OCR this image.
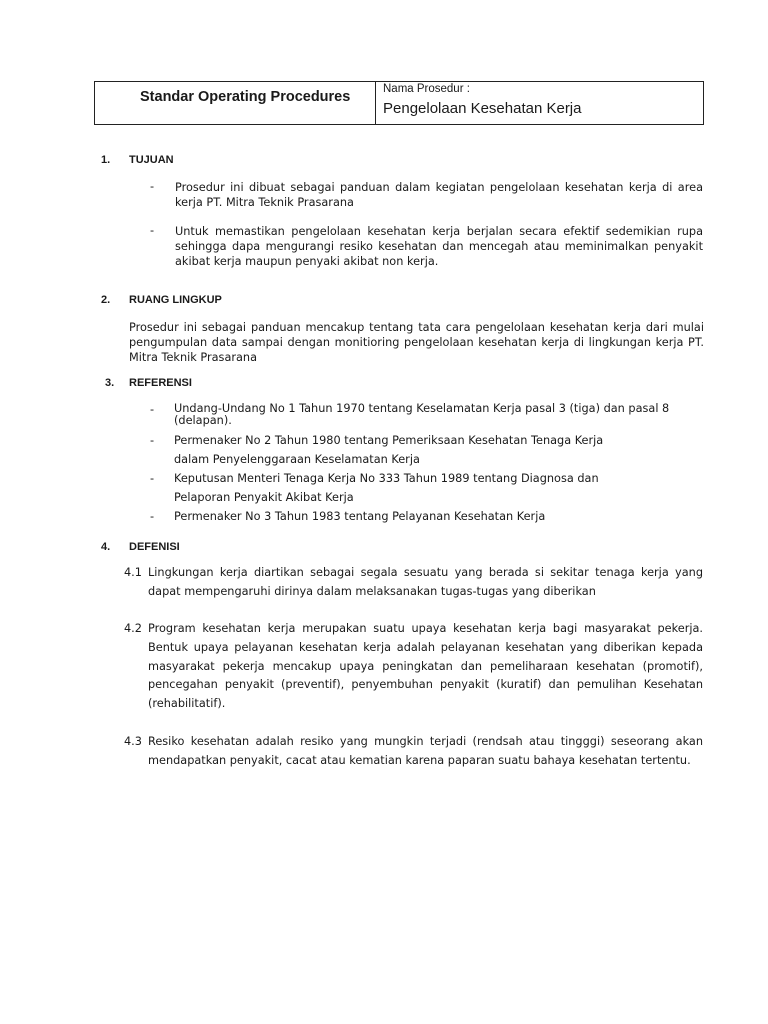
Standar Operating Procedures	Nama Prosedur :
Pengelolaan Kesehatan Kerja
1. TUJUAN
- Prosedur ini dibuat sebagai panduan dalam kegiatan pengelolaan kesehatan kerja di area kerja PT. Mitra Teknik Prasarana
- Untuk memastikan pengelolaan kesehatan kerja berjalan secara efektif sedemikian rupa sehingga dapa mengurangi resiko kesehatan dan mencegah atau meminimalkan penyakit akibat kerja maupun penyaki akibat non kerja.
2. RUANG LINGKUP
Prosedur ini sebagai panduan mencakup tentang tata cara pengelolaan kesehatan kerja dari mulai pengumpulan data sampai dengan monitioring pengelolaan kesehatan kerja di lingkungan kerja PT. Mitra Teknik Prasarana
3. REFERENSI
- Undang-Undang No 1 Tahun 1970 tentang Keselamatan Kerja pasal 3 (tiga) dan pasal 8 (delapan).
- Permenaker No 2 Tahun 1980 tentang Pemeriksaan Kesehatan Tenaga Kerja dalam Penyelenggaraan Keselamatan Kerja
- Keputusan Menteri Tenaga Kerja No 333 Tahun 1989 tentang Diagnosa dan Pelaporan Penyakit Akibat Kerja
- Permenaker No 3 Tahun 1983 tentang Pelayanan Kesehatan Kerja
4. DEFENISI
4.1 Lingkungan kerja diartikan sebagai segala sesuatu yang berada si sekitar tenaga kerja yang dapat mempengaruhi dirinya dalam melaksanakan tugas-tugas yang diberikan
4.2 Program kesehatan kerja merupakan suatu upaya kesehatan kerja bagi masyarakat pekerja. Bentuk upaya pelayanan kesehatan kerja adalah pelayanan kesehatan yang diberikan kepada masyarakat pekerja mencakup upaya peningkatan dan pemeliharaan kesehatan (promotif), pencegahan penyakit (preventif), penyembuhan penyakit (kuratif) dan pemulihan Kesehatan (rehabilitatif).
4.3 Resiko kesehatan adalah resiko yang mungkin terjadi (rendsah atau tingggi) seseorang akan mendapatkan penyakit, cacat atau kematian karena paparan suatu bahaya kesehatan tertentu.
